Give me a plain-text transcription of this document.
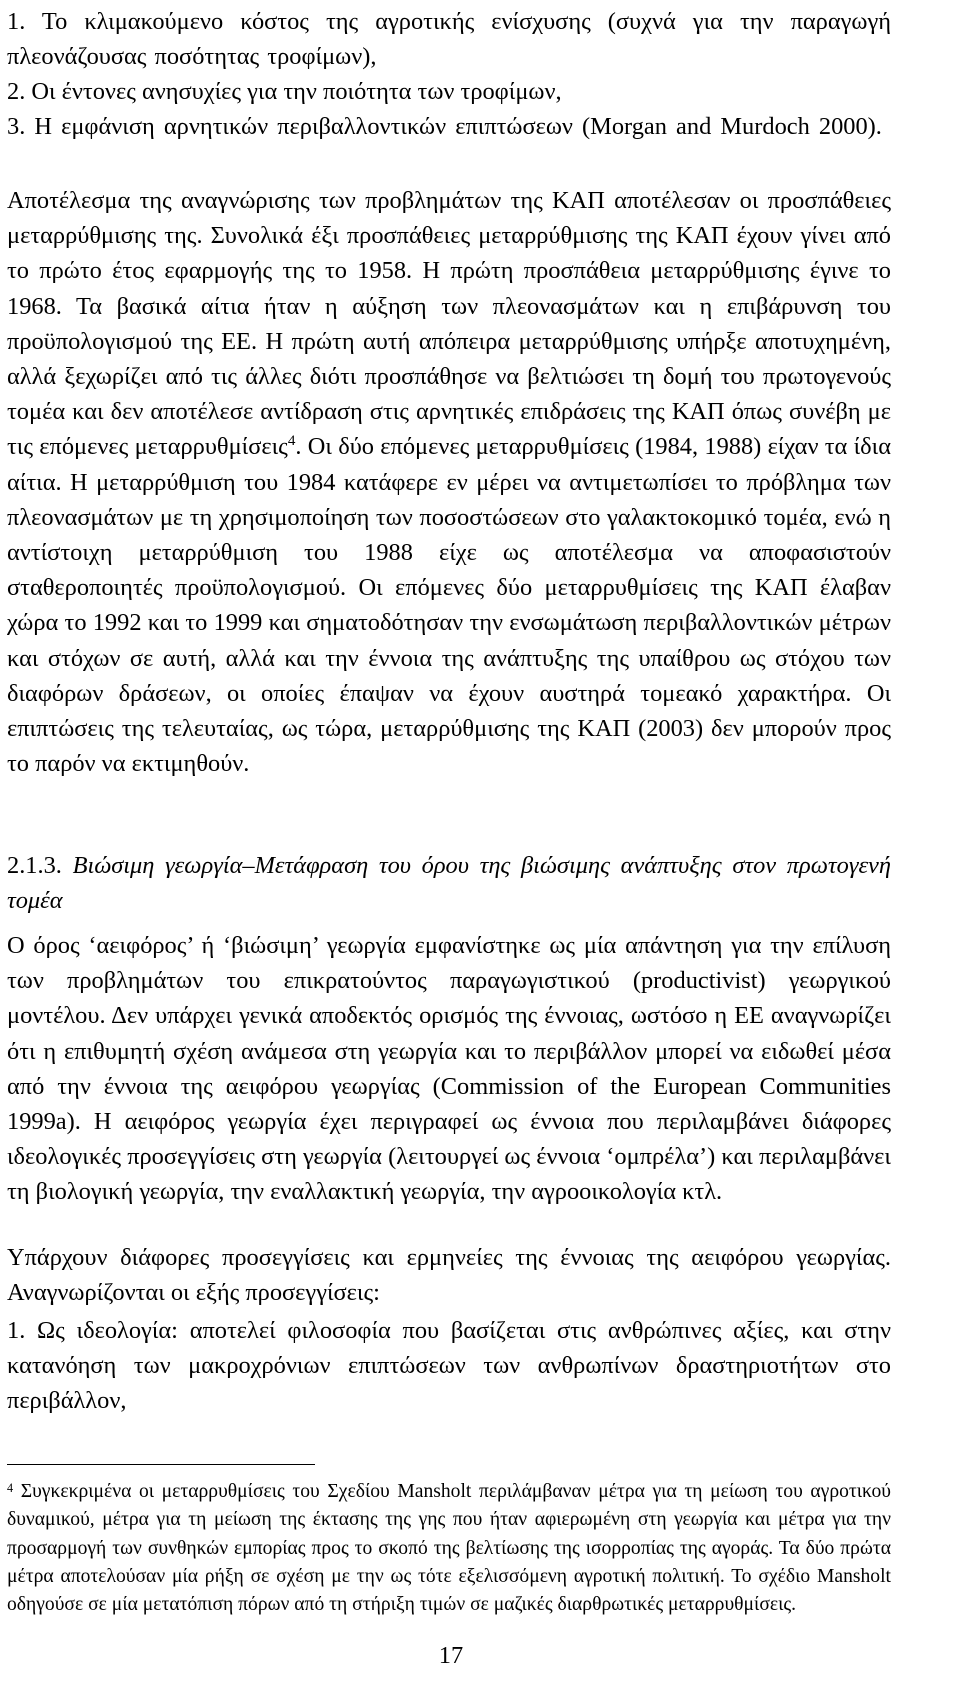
1. Το κλιμακούμενο κόστος της αγροτικής ενίσχυσης (συχνά για την παραγωγή πλεονάζουσας ποσότητας τροφίμων),

2. Οι έντονες ανησυχίες για την ποιότητα των τροφίμων,

3. Η εμφάνιση αρνητικών περιβαλλοντικών επιπτώσεων (Morgan and Murdoch 2000).

Αποτέλεσμα της αναγνώρισης των προβλημάτων της ΚΑΠ αποτέλεσαν οι προσπάθειες μεταρρύθμισης της. Συνολικά έξι προσπάθειες μεταρρύθμισης της ΚΑΠ έχουν γίνει από το πρώτο έτος εφαρμογής της το 1958. Η πρώτη προσπάθεια μεταρρύθμισης έγινε το 1968. Τα βασικά αίτια ήταν η αύξηση των πλεονασμάτων και η επιβάρυνση του προϋπολογισμού της ΕΕ. Η πρώτη αυτή απόπειρα μεταρρύθμισης υπήρξε αποτυχημένη, αλλά ξεχωρίζει από τις άλλες διότι προσπάθησε να βελτιώσει τη δομή του πρωτογενούς τομέα και δεν αποτέλεσε αντίδραση στις αρνητικές επιδράσεις της ΚΑΠ όπως συνέβη με τις επόμενες μεταρρυθμίσεις$^4$. Οι δύο επόμενες μεταρρυθμίσεις (1984, 1988) είχαν τα ίδια αίτια. Η μεταρρύθμιση του 1984 κατάφερε εν μέρει να αντιμετωπίσει το πρόβλημα των πλεονασμάτων με τη χρησιμοποίηση των ποσοστώσεων στο γαλακτοκομικό τομέα, ενώ η αντίστοιχη μεταρρύθμιση του 1988 είχε ως αποτέλεσμα να αποφασιστούν σταθεροποιητές προϋπολογισμού. Οι επόμενες δύο μεταρρυθμίσεις της ΚΑΠ έλαβαν χώρα το 1992 και το 1999 και σηματοδότησαν την ενσωμάτωση περιβαλλοντικών μέτρων και στόχων σε αυτή, αλλά και την έννοια της ανάπτυξης της υπαίθρου ως στόχου των διαφόρων δράσεων, οι οποίες έπαψαν να έχουν αυστηρά τομεακό χαρακτήρα. Οι επιπτώσεις της τελευταίας, ως τώρα, μεταρρύθμισης της ΚΑΠ (2003) δεν μπορούν προς το παρόν να εκτιμηθούν.

2.1.3. Βιώσιμη γεωργία–Μετάφραση του όρου της βιώσιμης ανάπτυξης στον πρωτογενή τομέα

Ο όρος ‘αειφόρος’ ή ‘βιώσιμη’ γεωργία εμφανίστηκε ως μία απάντηση για την επίλυση των προβλημάτων του επικρατούντος παραγωγιστικού (productivist) γεωργικού μοντέλου. Δεν υπάρχει γενικά αποδεκτός ορισμός της έννοιας, ωστόσο η ΕΕ αναγνωρίζει ότι η επιθυμητή σχέση ανάμεσα στη γεωργία και το περιβάλλον μπορεί να ειδωθεί μέσα από την έννοια της αειφόρου γεωργίας (Commission of the European Communities 1999a). Η αειφόρος γεωργία έχει περιγραφεί ως έννοια που περιλαμβάνει διάφορες ιδεολογικές προσεγγίσεις στη γεωργία (λειτουργεί ως έννοια ‘ομπρέλα’) και περιλαμβάνει τη βιολογική γεωργία, την εναλλακτική γεωργία, την αγροοικολογία κτλ.

Υπάρχουν διάφορες προσεγγίσεις και ερμηνείες της έννοιας της αειφόρου γεωργίας. Αναγνωρίζονται οι εξής προσεγγίσεις:

1. Ως ιδεολογία: αποτελεί φιλοσοφία που βασίζεται στις ανθρώπινες αξίες, και στην κατανόηση των μακροχρόνιων επιπτώσεων των ανθρωπίνων δραστηριοτήτων στο περιβάλλον,

$^4$ Συγκεκριμένα οι μεταρρυθμίσεις του Σχεδίου Mansholt περιλάμβαναν μέτρα για τη μείωση του αγροτικού δυναμικού, μέτρα για τη μείωση της έκτασης της γης που ήταν αφιερωμένη στη γεωργία και μέτρα για την προσαρμογή των συνθηκών εμπορίας προς το σκοπό της βελτίωσης της ισορροπίας της αγοράς. Τα δύο πρώτα μέτρα αποτελούσαν μία ρήξη σε σχέση με την ως τότε εξελισσόμενη αγροτική πολιτική. Το σχέδιο Mansholt οδηγούσε σε μία μετατόπιση πόρων από τη στήριξη τιμών σε μαζικές διαρθρωτικές μεταρρυθμίσεις.

17
